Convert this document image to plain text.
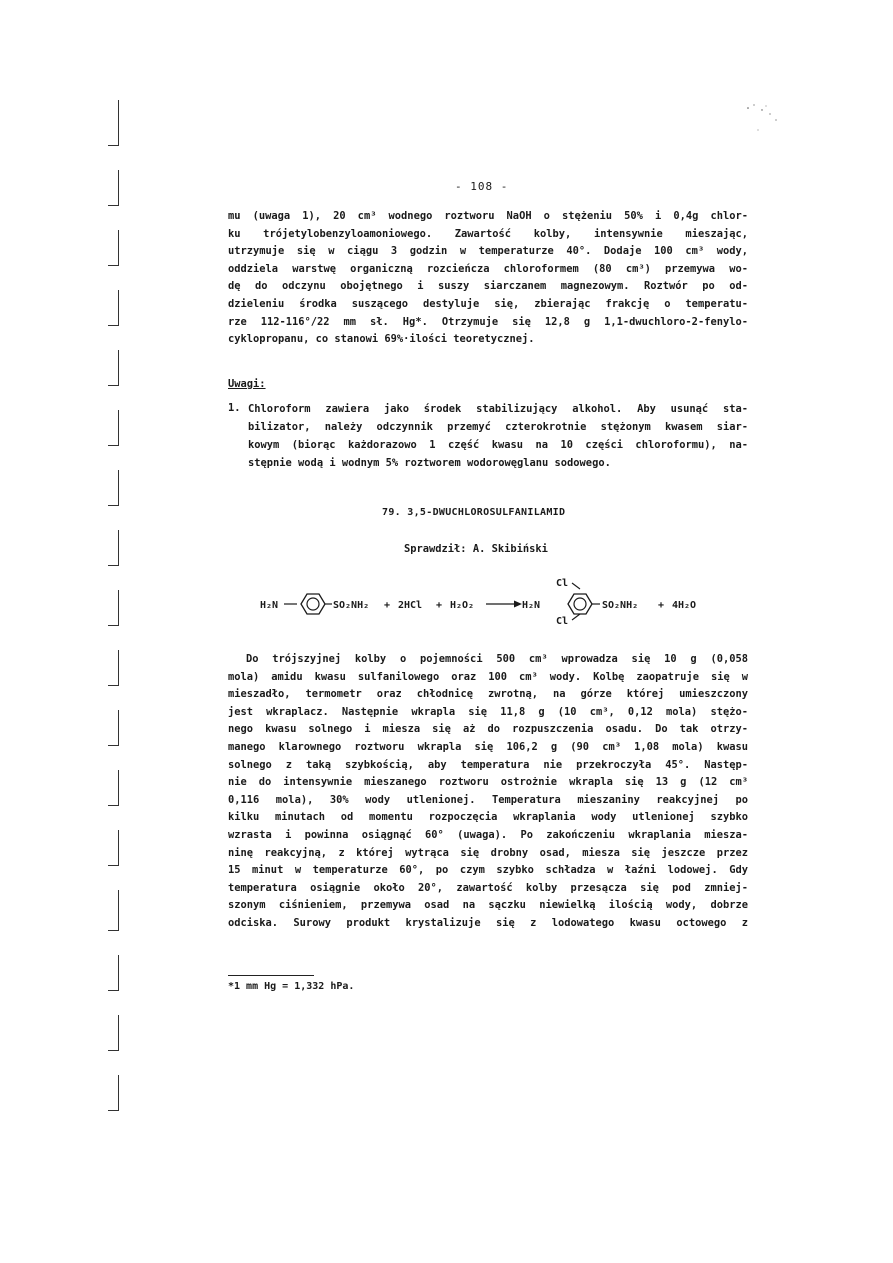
- 108 -
mu (uwaga 1), 20 cm³ wodnego roztworu NaOH o stężeniu 50% i 0,4g chlor-
ku trójetylobenzyloamoniowego. Zawartość kolby, intensywnie mieszając,
utrzymuje się w ciągu 3 godzin w temperaturze 40°. Dodaje 100 cm³ wody,
oddziela warstwę organiczną rozcieńcza chloroformem (80 cm³) przemywa wo-
dę do odczynu obojętnego i suszy siarczanem magnezowym. Roztwór po od-
dzieleniu środka suszącego destyluje się, zbierając frakcję o temperatu-
rze 112-116°/22 mm sł. Hg*. Otrzymuje się 12,8 g 1,1-dwuchloro-2-fenylo-
cyklopropanu, co stanowi 69%·ilości teoretycznej.
Uwagi:
1. Chloroform zawiera jako środek stabilizujący alkohol. Aby usunąć sta-
bilizator, należy odczynnik przemyć czterokrotnie stężonym kwasem siar-
kowym (biorąc każdorazowo 1 część kwasu na 10 części chloroformu), na-
stępnie wodą i wodnym 5% roztworem wodorowęglanu sodowego.
79. 3,5-DWUCHLOROSULFANILAMID
Sprawdził: A. Skibiński
H₂N	SO₂NH₂ + 2HCl + H₂O₂	H₂N
Cl
Cl
SO₂NH₂ + 4H₂O
Do trójszyjnej kolby o pojemności 500 cm³ wprowadza się 10 g (0,058
mola) amidu kwasu sulfanilowego oraz 100 cm³ wody. Kolbę zaopatruje się w
mieszadło, termometr oraz chłodnicę zwrotną, na górze której umieszczony
jest wkraplacz. Następnie wkrapla się 11,8 g (10 cm³, 0,12 mola) stężo-
nego kwasu solnego i miesza się aż do rozpuszczenia osadu. Do tak otrzy-
manego klarownego roztworu wkrapla się 106,2 g (90 cm³ 1,08 mola) kwasu
solnego z taką szybkością, aby temperatura nie przekroczyła 45°. Następ-
nie do intensywnie mieszanego roztworu ostrożnie wkrapla się 13 g (12 cm³
0,116 mola), 30% wody utlenionej. Temperatura mieszaniny reakcyjnej po
kilku minutach od momentu rozpoczęcia wkraplania wody utlenionej szybko
wzrasta i powinna osiągnąć 60° (uwaga). Po zakończeniu wkraplania miesza-
ninę reakcyjną, z której wytrąca się drobny osad, miesza się jeszcze przez
15 minut w temperaturze 60°, po czym szybko schładza w łaźni lodowej. Gdy
temperatura osiągnie około 20°, zawartość kolby przesącza się pod zmniej-
szonym ciśnieniem, przemywa osad na sączku niewielką ilością wody, dobrze
odciska. Surowy produkt krystalizuje się z lodowatego kwasu octowego z
*1 mm Hg = 1,332 hPa.
